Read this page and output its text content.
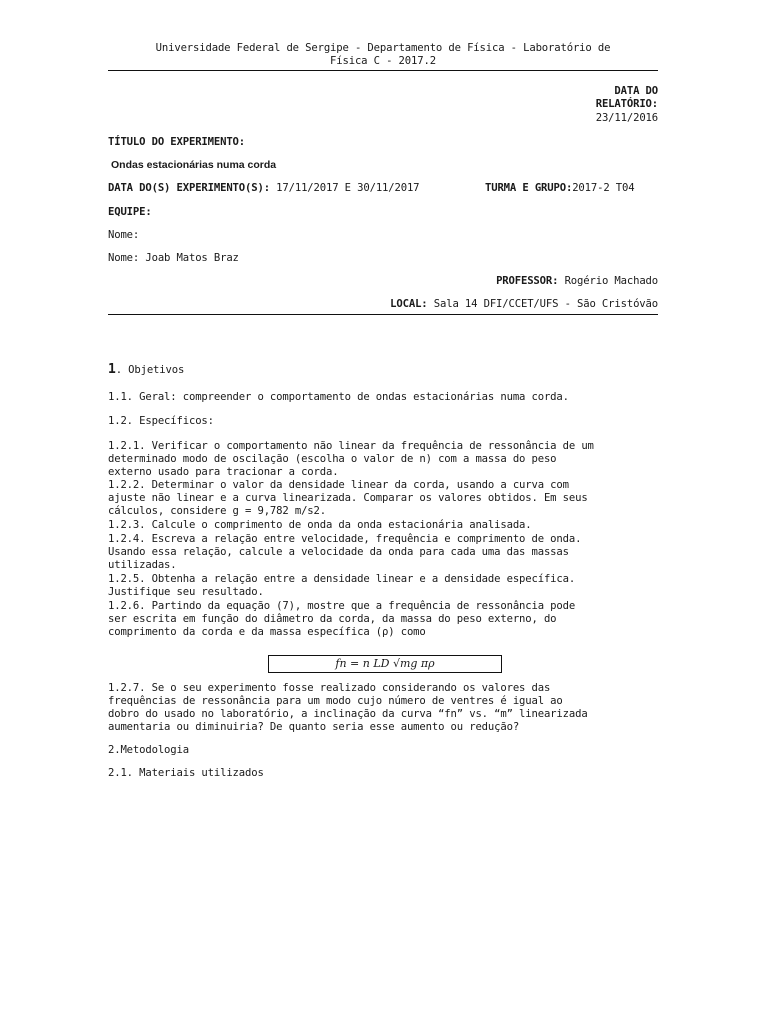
Universidade Federal de Sergipe - Departamento de Física - Laboratório de
Física C - 2017.2
DATA DO
RELATÓRIO:
23/11/2016
TÍTULO DO EXPERIMENTO:
Ondas estacionárias numa corda
DATA DO(S) EXPERIMENTO(S): 17/11/2017 E 30/11/2017	TURMA E GRUPO:2017-2 T04
EQUIPE:
Nome:
Nome: Joab Matos Braz
PROFESSOR: Rogério Machado
LOCAL: Sala 14 DFI/CCET/UFS - São Cristóvão
1. Objetivos
1.1. Geral: compreender o comportamento de ondas estacionárias numa corda.
1.2. Específicos:
1.2.1. Verificar o comportamento não linear da frequência de ressonância de um
determinado modo de oscilação (escolha o valor de n) com a massa do peso
externo usado para tracionar a corda.
1.2.2. Determinar o valor da densidade linear da corda, usando a curva com
ajuste não linear e a curva linearizada. Comparar os valores obtidos. Em seus
cálculos, considere g = 9,782 m/s2.
1.2.3. Calcule o comprimento de onda da onda estacionária analisada.
1.2.4. Escreva a relação entre velocidade, frequência e comprimento de onda.
Usando essa relação, calcule a velocidade da onda para cada uma das massas
utilizadas.
1.2.5. Obtenha a relação entre a densidade linear e a densidade específica.
Justifique seu resultado.
1.2.6. Partindo da equação (7), mostre que a frequência de ressonância pode
ser escrita em função do diâmetro da corda, da massa do peso externo, do
comprimento da corda e da massa específica (ρ) como
fn = n LD √mg πρ
1.2.7. Se o seu experimento fosse realizado considerando os valores das
frequências de ressonância para um modo cujo número de ventres é igual ao
dobro do usado no laboratório, a inclinação da curva “fn” vs. “m” linearizada
aumentaria ou diminuiria? De quanto seria esse aumento ou redução?
2.Metodologia
2.1. Materiais utilizados
